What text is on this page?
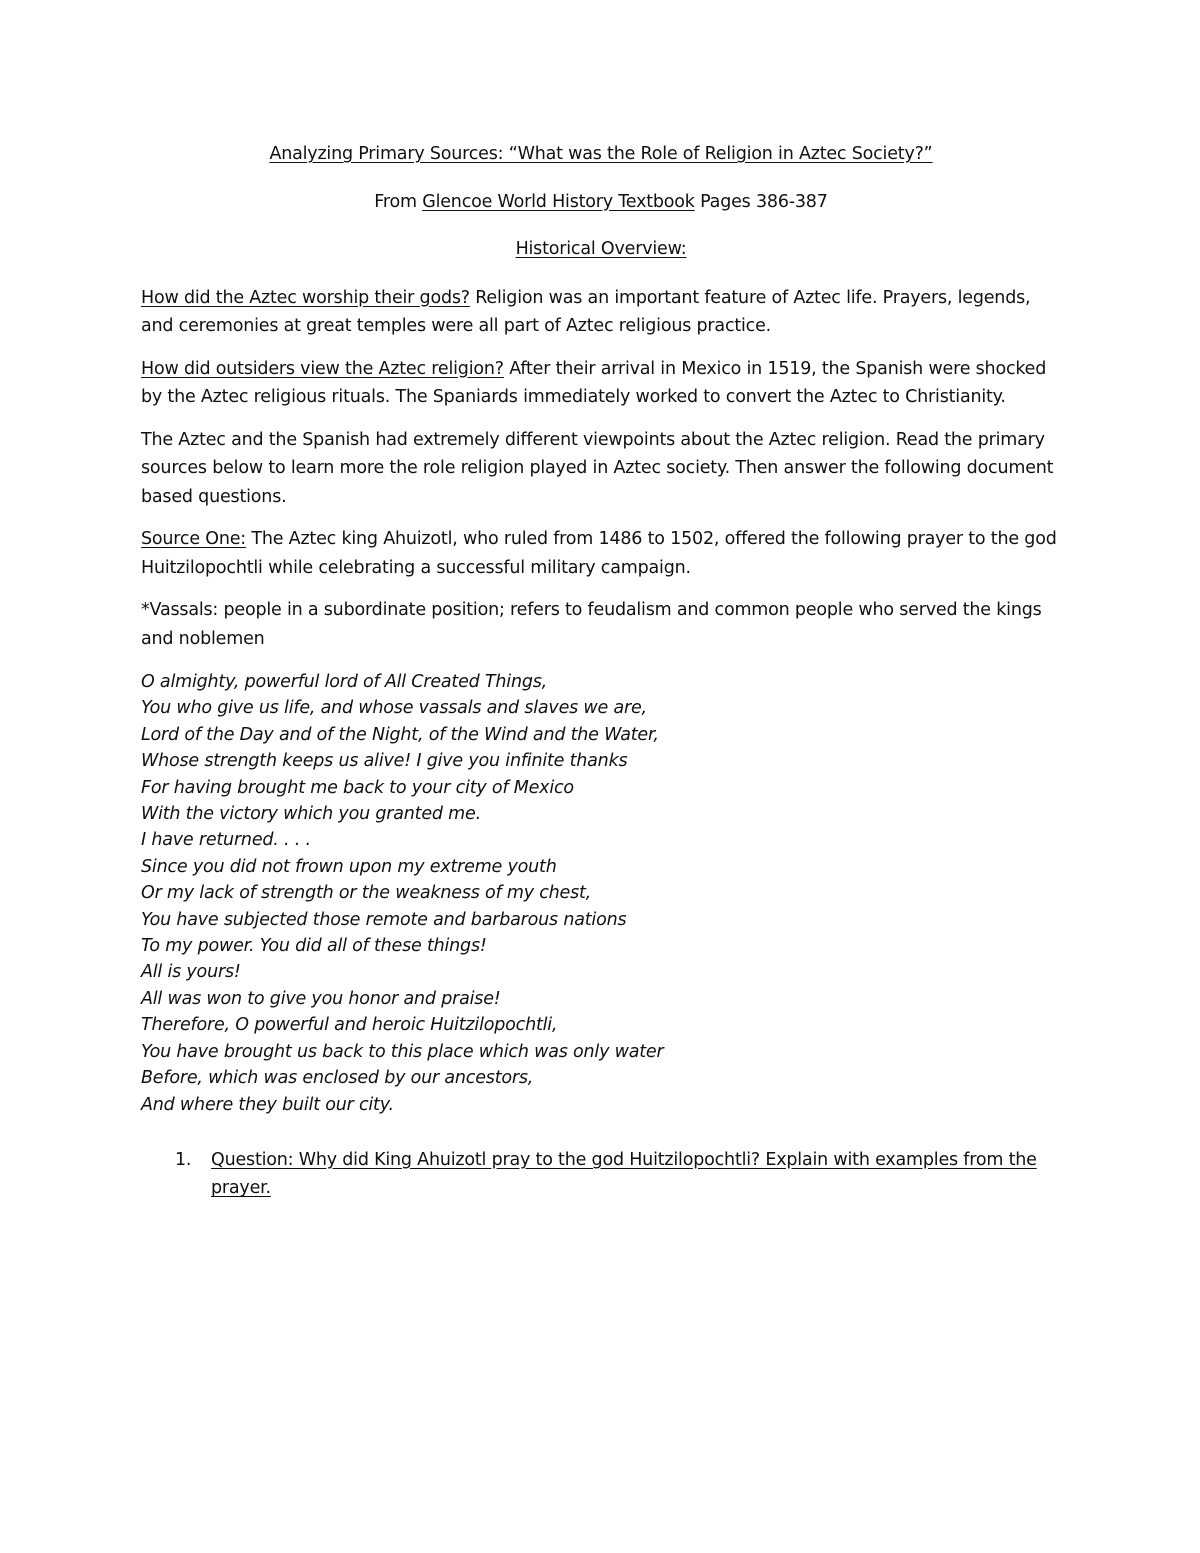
Analyzing Primary Sources: “What was the Role of Religion in Aztec Society?”
From Glencoe World History Textbook Pages 386-387
Historical Overview:

How did the Aztec worship their gods? Religion was an important feature of Aztec life. Prayers, legends, and ceremonies at great temples were all part of Aztec religious practice.

How did outsiders view the Aztec religion? After their arrival in Mexico in 1519, the Spanish were shocked by the Aztec religious rituals. The Spaniards immediately worked to convert the Aztec to Christianity.

The Aztec and the Spanish had extremely different viewpoints about the Aztec religion. Read the primary sources below to learn more the role religion played in Aztec society. Then answer the following document based questions.

Source One: The Aztec king Ahuizotl, who ruled from 1486 to 1502, offered the following prayer to the god Huitzilopochtli while celebrating a successful military campaign.

*Vassals: people in a subordinate position; refers to feudalism and common people who served the kings and noblemen

O almighty, powerful lord of All Created Things,
You who give us life, and whose vassals and slaves we are,
Lord of the Day and of the Night, of the Wind and the Water,
Whose strength keeps us alive! I give you infinite thanks
For having brought me back to your city of Mexico
With the victory which you granted me.
I have returned. . . .
Since you did not frown upon my extreme youth
Or my lack of strength or the weakness of my chest,
You have subjected those remote and barbarous nations
To my power. You did all of these things!
All is yours!
All was won to give you honor and praise!
Therefore, O powerful and heroic Huitzilopochtli,
You have brought us back to this place which was only water
Before, which was enclosed by our ancestors,
And where they built our city.
1. Question: Why did King Ahuizotl pray to the god Huitzilopochtli? Explain with examples from the prayer.
